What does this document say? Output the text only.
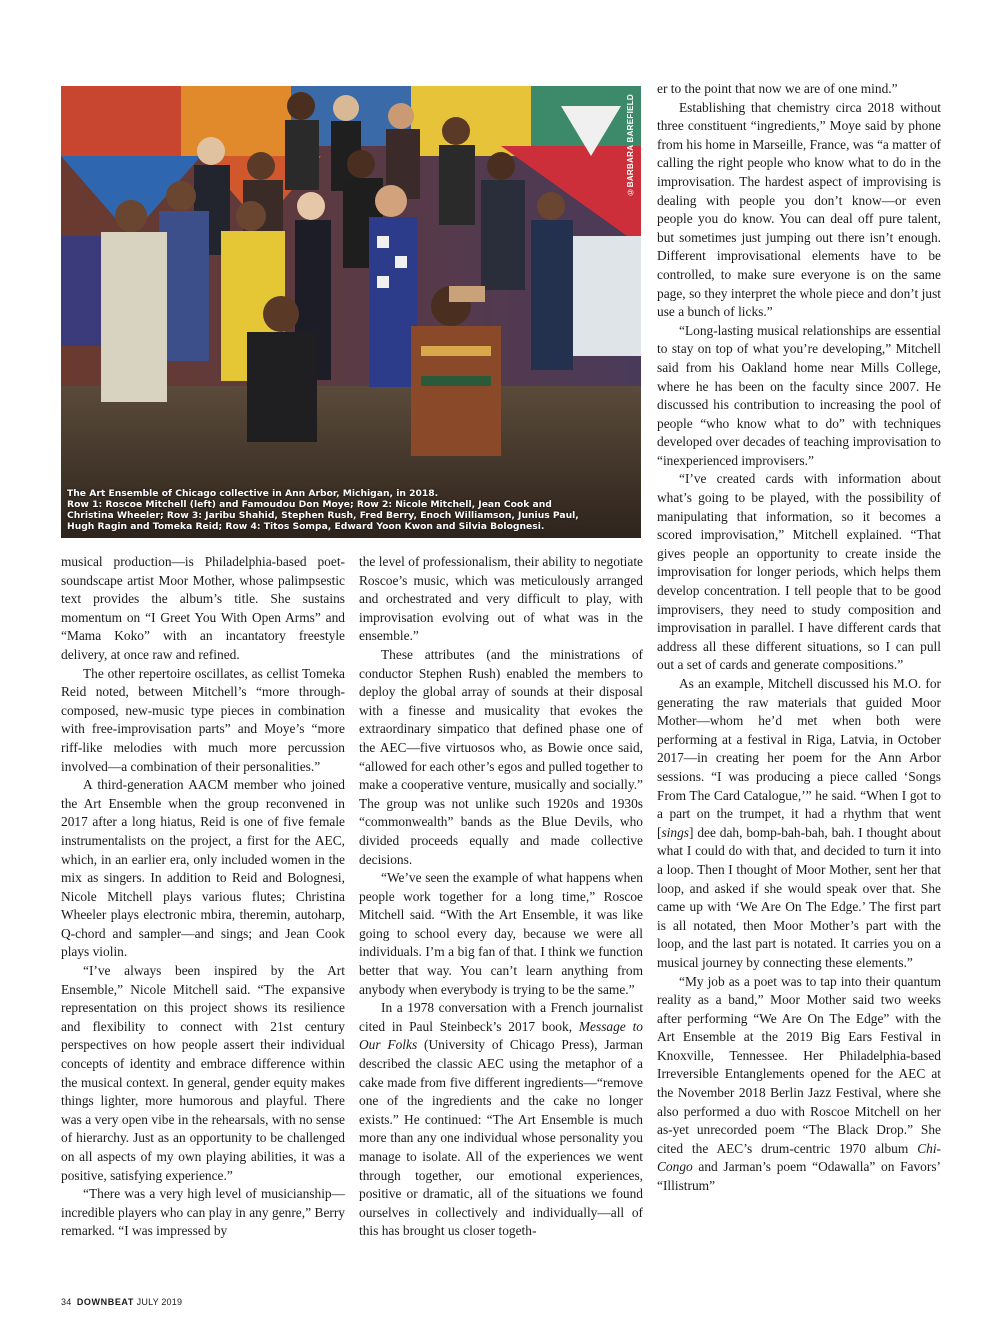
©BARBARA BAREFIELD
The Art Ensemble of Chicago collective in Ann Arbor, Michigan, in 2018.
Row 1: Roscoe Mitchell (left) and Famoudou Don Moye; Row 2: Nicole Mitchell, Jean Cook and
Christina Wheeler; Row 3: Jaribu Shahid, Stephen Rush, Fred Berry, Enoch Williamson, Junius Paul,
Hugh Ragin and Tomeka Reid; Row 4: Titos Sompa, Edward Yoon Kwon and Silvia Bolognesi.

musical production—is Philadelphia-based poet-soundscape artist Moor Mother, whose palimpsestic text provides the album’s title. She sustains momentum on “I Greet You With Open Arms” and “Mama Koko” with an incantatory freestyle delivery, at once raw and refined.

The other repertoire oscillates, as cellist Tomeka Reid noted, between Mitchell’s “more through-composed, new-music type pieces in combination with free-improvisation parts” and Moye’s “more riff-like melodies with much more percussion involved—a combination of their personalities.”

A third-generation AACM member who joined the Art Ensemble when the group reconvened in 2017 after a long hiatus, Reid is one of five female instrumentalists on the project, a first for the AEC, which, in an earlier era, only included women in the mix as singers. In addition to Reid and Bolognesi, Nicole Mitchell plays various flutes; Christina Wheeler plays electronic mbira, theremin, autoharp, Q-chord and sampler—and sings; and Jean Cook plays violin.

“I’ve always been inspired by the Art Ensemble,” Nicole Mitchell said. “The expansive representation on this project shows its resilience and flexibility to connect with 21st century perspectives on how people assert their individual concepts of identity and embrace difference within the musical context. In general, gender equity makes things lighter, more humorous and playful. There was a very open vibe in the rehearsals, with no sense of hierarchy. Just as an opportunity to be challenged on all aspects of my own playing abilities, it was a positive, satisfying experience.”

“There was a very high level of musicianship—incredible players who can play in any genre,” Berry remarked. “I was impressed by

the level of professionalism, their ability to negotiate Roscoe’s music, which was meticulously arranged and orchestrated and very difficult to play, with improvisation evolving out of what was in the ensemble.”

These attributes (and the ministrations of conductor Stephen Rush) enabled the members to deploy the global array of sounds at their disposal with a finesse and musicality that evokes the extraordinary simpatico that defined phase one of the AEC—five virtuosos who, as Bowie once said, “allowed for each other’s egos and pulled together to make a cooperative venture, musically and socially.” The group was not unlike such 1920s and 1930s “commonwealth” bands as the Blue Devils, who divided proceeds equally and made collective decisions.

“We’ve seen the example of what happens when people work together for a long time,” Roscoe Mitchell said. “With the Art Ensemble, it was like going to school every day, because we were all individuals. I’m a big fan of that. I think we function better that way. You can’t learn anything from anybody when everybody is trying to be the same.”

In a 1978 conversation with a French journalist cited in Paul Steinbeck’s 2017 book, Message to Our Folks (University of Chicago Press), Jarman described the classic AEC using the metaphor of a cake made from five different ingredients—“remove one of the ingredients and the cake no longer exists.” He continued: “The Art Ensemble is much more than any one individual whose personality you manage to isolate. All of the experiences we went through together, our emotional experiences, positive or dramatic, all of the situations we found ourselves in collectively and individually—all of this has brought us closer togeth-

er to the point that now we are of one mind.”

Establishing that chemistry circa 2018 without three constituent “ingredients,” Moye said by phone from his home in Marseille, France, was “a matter of calling the right people who know what to do in the improvisation. The hardest aspect of improvising is dealing with people you don’t know—or even people you do know. You can deal off pure talent, but sometimes just jumping out there isn’t enough. Different improvisational elements have to be controlled, to make sure everyone is on the same page, so they interpret the whole piece and don’t just use a bunch of licks.”

“Long-lasting musical relationships are essential to stay on top of what you’re developing,” Mitchell said from his Oakland home near Mills College, where he has been on the faculty since 2007. He discussed his contribution to increasing the pool of people “who know what to do” with techniques developed over decades of teaching improvisation to “inexperienced improvisers.”

“I’ve created cards with information about what’s going to be played, with the possibility of manipulating that information, so it becomes a scored improvisation,” Mitchell explained. “That gives people an opportunity to create inside the improvisation for longer periods, which helps them develop concentration. I tell people that to be good improvisers, they need to study composition and improvisation in parallel. I have different cards that address all these different situations, so I can pull out a set of cards and generate compositions.”

As an example, Mitchell discussed his M.O. for generating the raw materials that guided Moor Mother—whom he’d met when both were performing at a festival in Riga, Latvia, in October 2017—in creating her poem for the Ann Arbor sessions. “I was producing a piece called ‘Songs From The Card Catalogue,’” he said. “When I got to a part on the trumpet, it had a rhythm that went [sings] dee dah, bomp-bah-bah, bah. I thought about what I could do with that, and decided to turn it into a loop. Then I thought of Moor Mother, sent her that loop, and asked if she would speak over that. She came up with ‘We Are On The Edge.’ The first part is all notated, then Moor Mother’s part with the loop, and the last part is notated. It carries you on a musical journey by connecting these elements.”

“My job as a poet was to tap into their quantum reality as a band,” Moor Mother said two weeks after performing “We Are On The Edge” with the Art Ensemble at the 2019 Big Ears Festival in Knoxville, Tennessee. Her Philadelphia-based Irreversible Entanglements opened for the AEC at the November 2018 Berlin Jazz Festival, where she also performed a duo with Roscoe Mitchell on her as-yet unrecorded poem “The Black Drop.” She cited the AEC’s drum-centric 1970 album Chi-Congo and Jarman’s poem “Odawalla” on Favors’ “Illistrum”

34 DOWNBEAT JULY 2019
